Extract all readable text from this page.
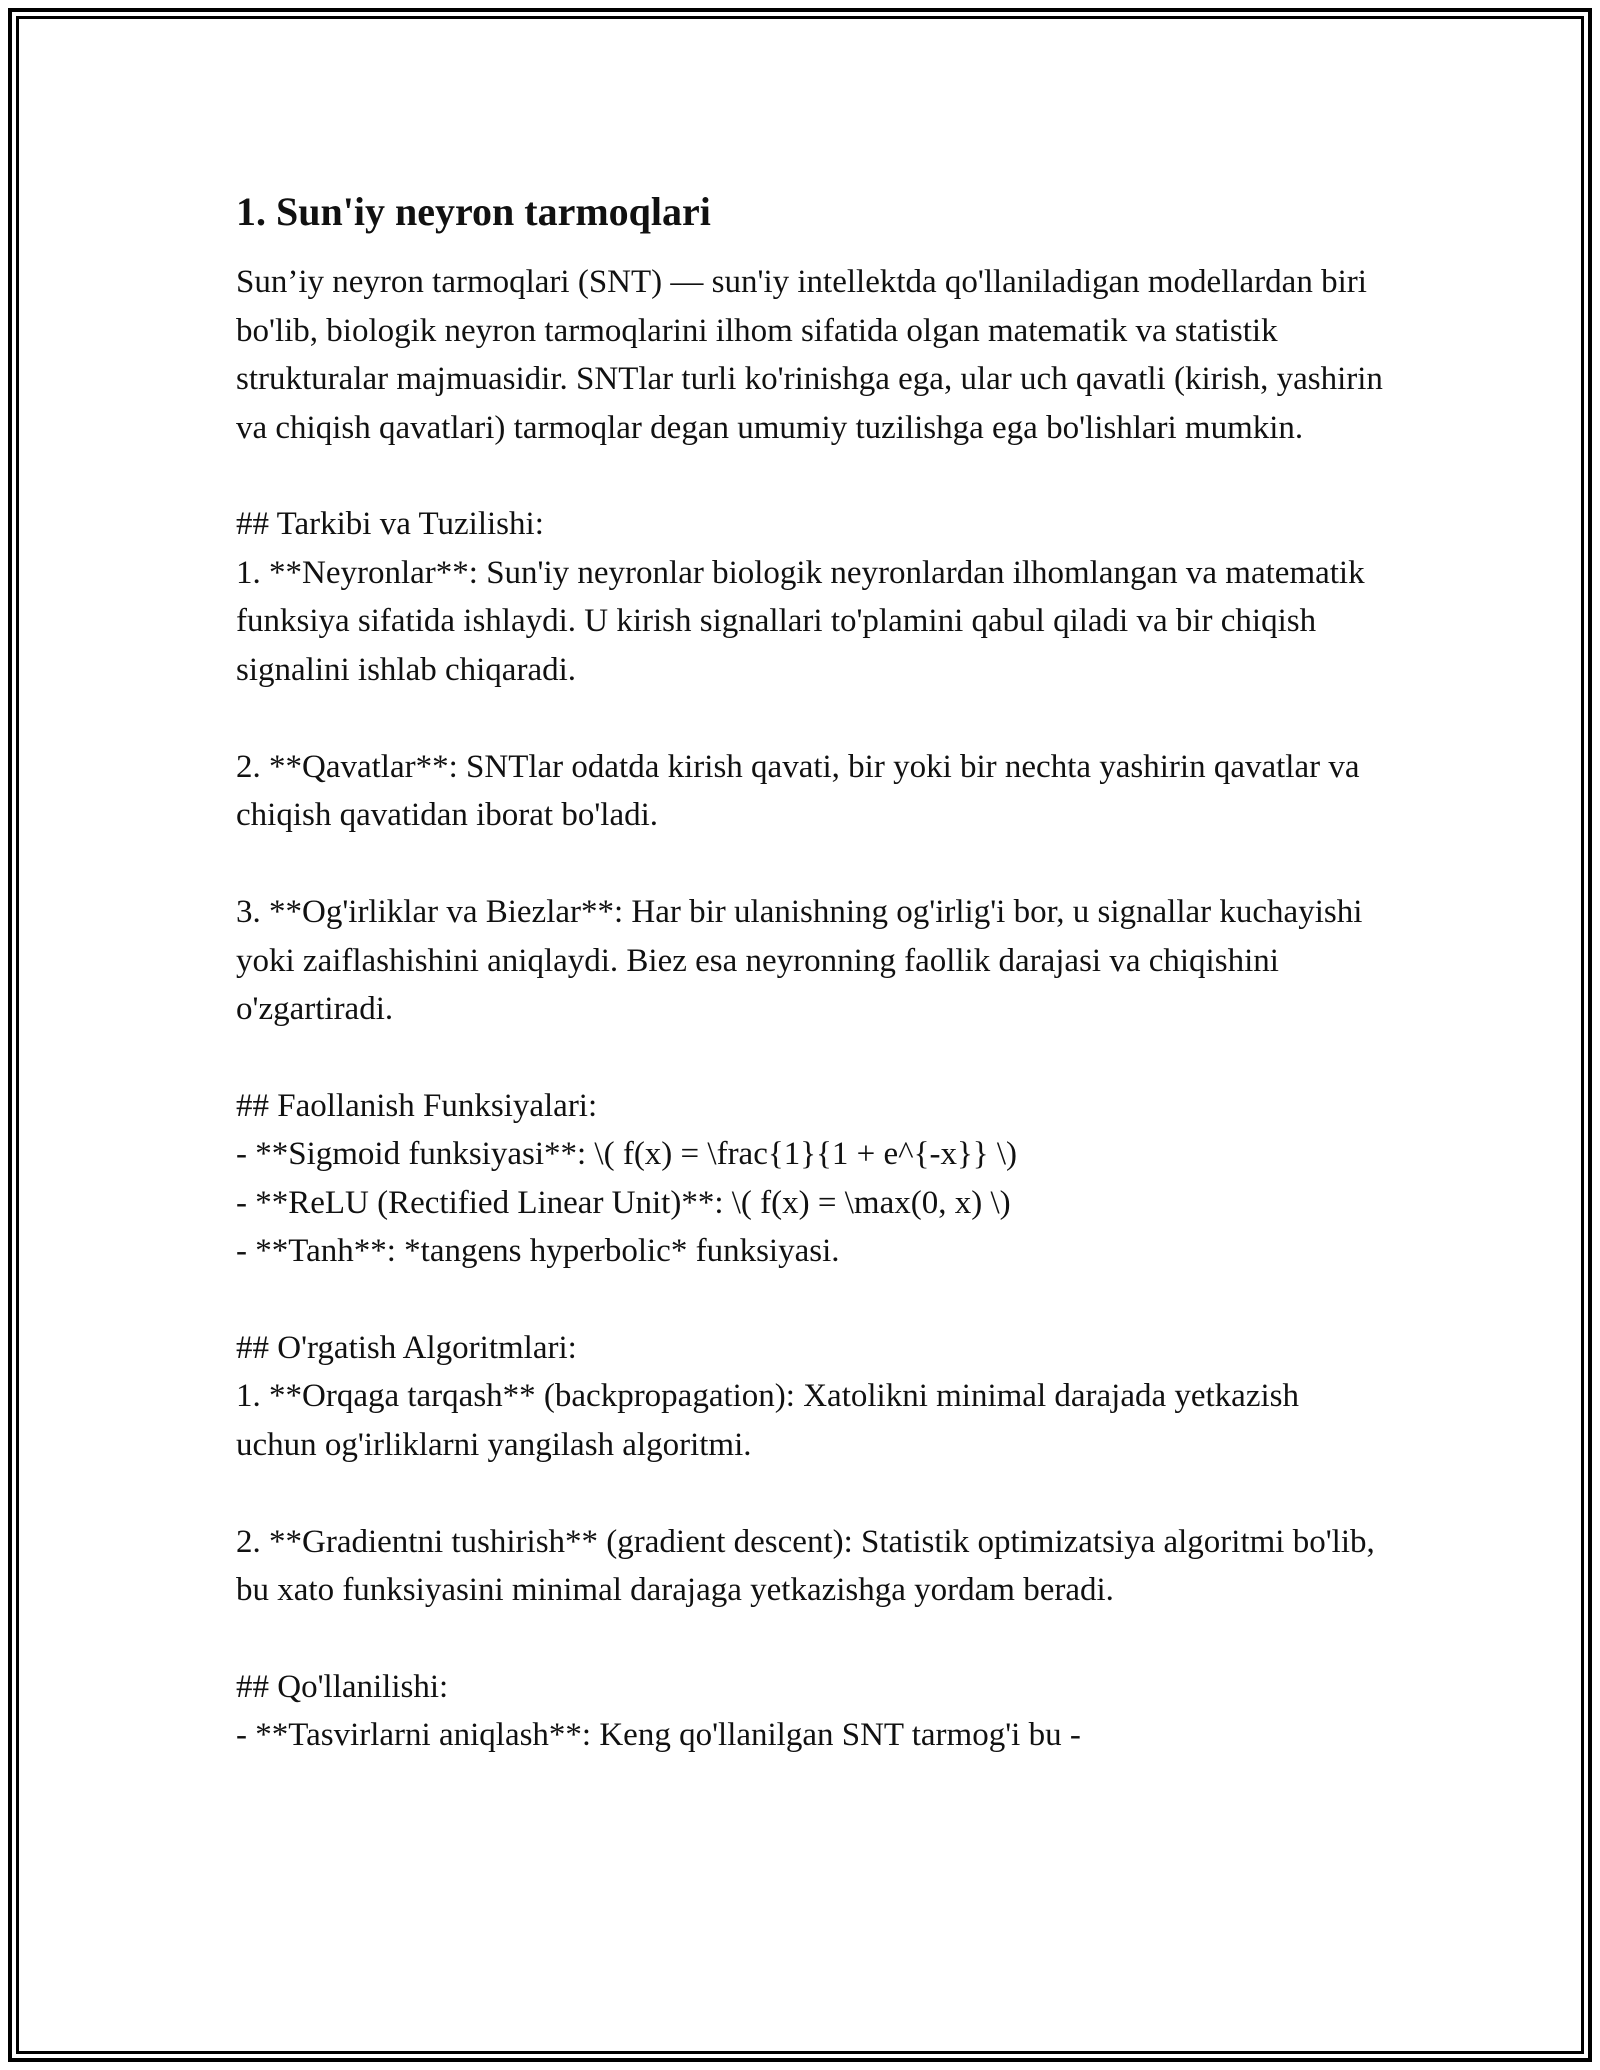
1. Sun'iy neyron tarmoqlari

Sun’iy neyron tarmoqlari (SNT) — sun'iy intellektda qo'llaniladigan modellardan biri bo'lib, biologik neyron tarmoqlarini ilhom sifatida olgan matematik va statistik strukturalar majmuasidir. SNTlar turli ko'rinishga ega, ular uch qavatli (kirish, yashirin va chiqish qavatlari) tarmoqlar degan umumiy tuzilishga ega bo'lishlari mumkin.

## Tarkibi va Tuzilishi:
1. **Neyronlar**: Sun'iy neyronlar biologik neyronlardan ilhomlangan va matematik funksiya sifatida ishlaydi. U kirish signallari to'plamini qabul qiladi va bir chiqish signalini ishlab chiqaradi.
2. **Qavatlar**: SNTlar odatda kirish qavati, bir yoki bir nechta yashirin qavatlar va chiqish qavatidan iborat bo'ladi.
3. **Og'irliklar va Biezlar**: Har bir ulanishning og'irlig'i bor, u signallar kuchayishi yoki zaiflashishini aniqlaydi. Biez esa neyronning faollik darajasi va chiqishini o'zgartiradi.
## Faollanish Funksiyalari:
- **Sigmoid funksiyasi**: \( f(x) = \frac{1}{1 + e^{-x}} \)
- **ReLU (Rectified Linear Unit)**: \( f(x) = \max(0, x) \)
- **Tanh**: *tangens hyperbolic* funksiyasi.
## O'rgatish Algoritmlari:
1. **Orqaga tarqash** (backpropagation): Xatolikni minimal darajada yetkazish uchun og'irliklarni yangilash algoritmi.
2. **Gradientni tushirish** (gradient descent): Statistik optimizatsiya algoritmi bo'lib, bu xato funksiyasini minimal darajaga yetkazishga yordam beradi.
## Qo'llanilishi:
- **Tasvirlarni aniqlash**: Keng qo'llanilgan SNT tarmog'i bu -
